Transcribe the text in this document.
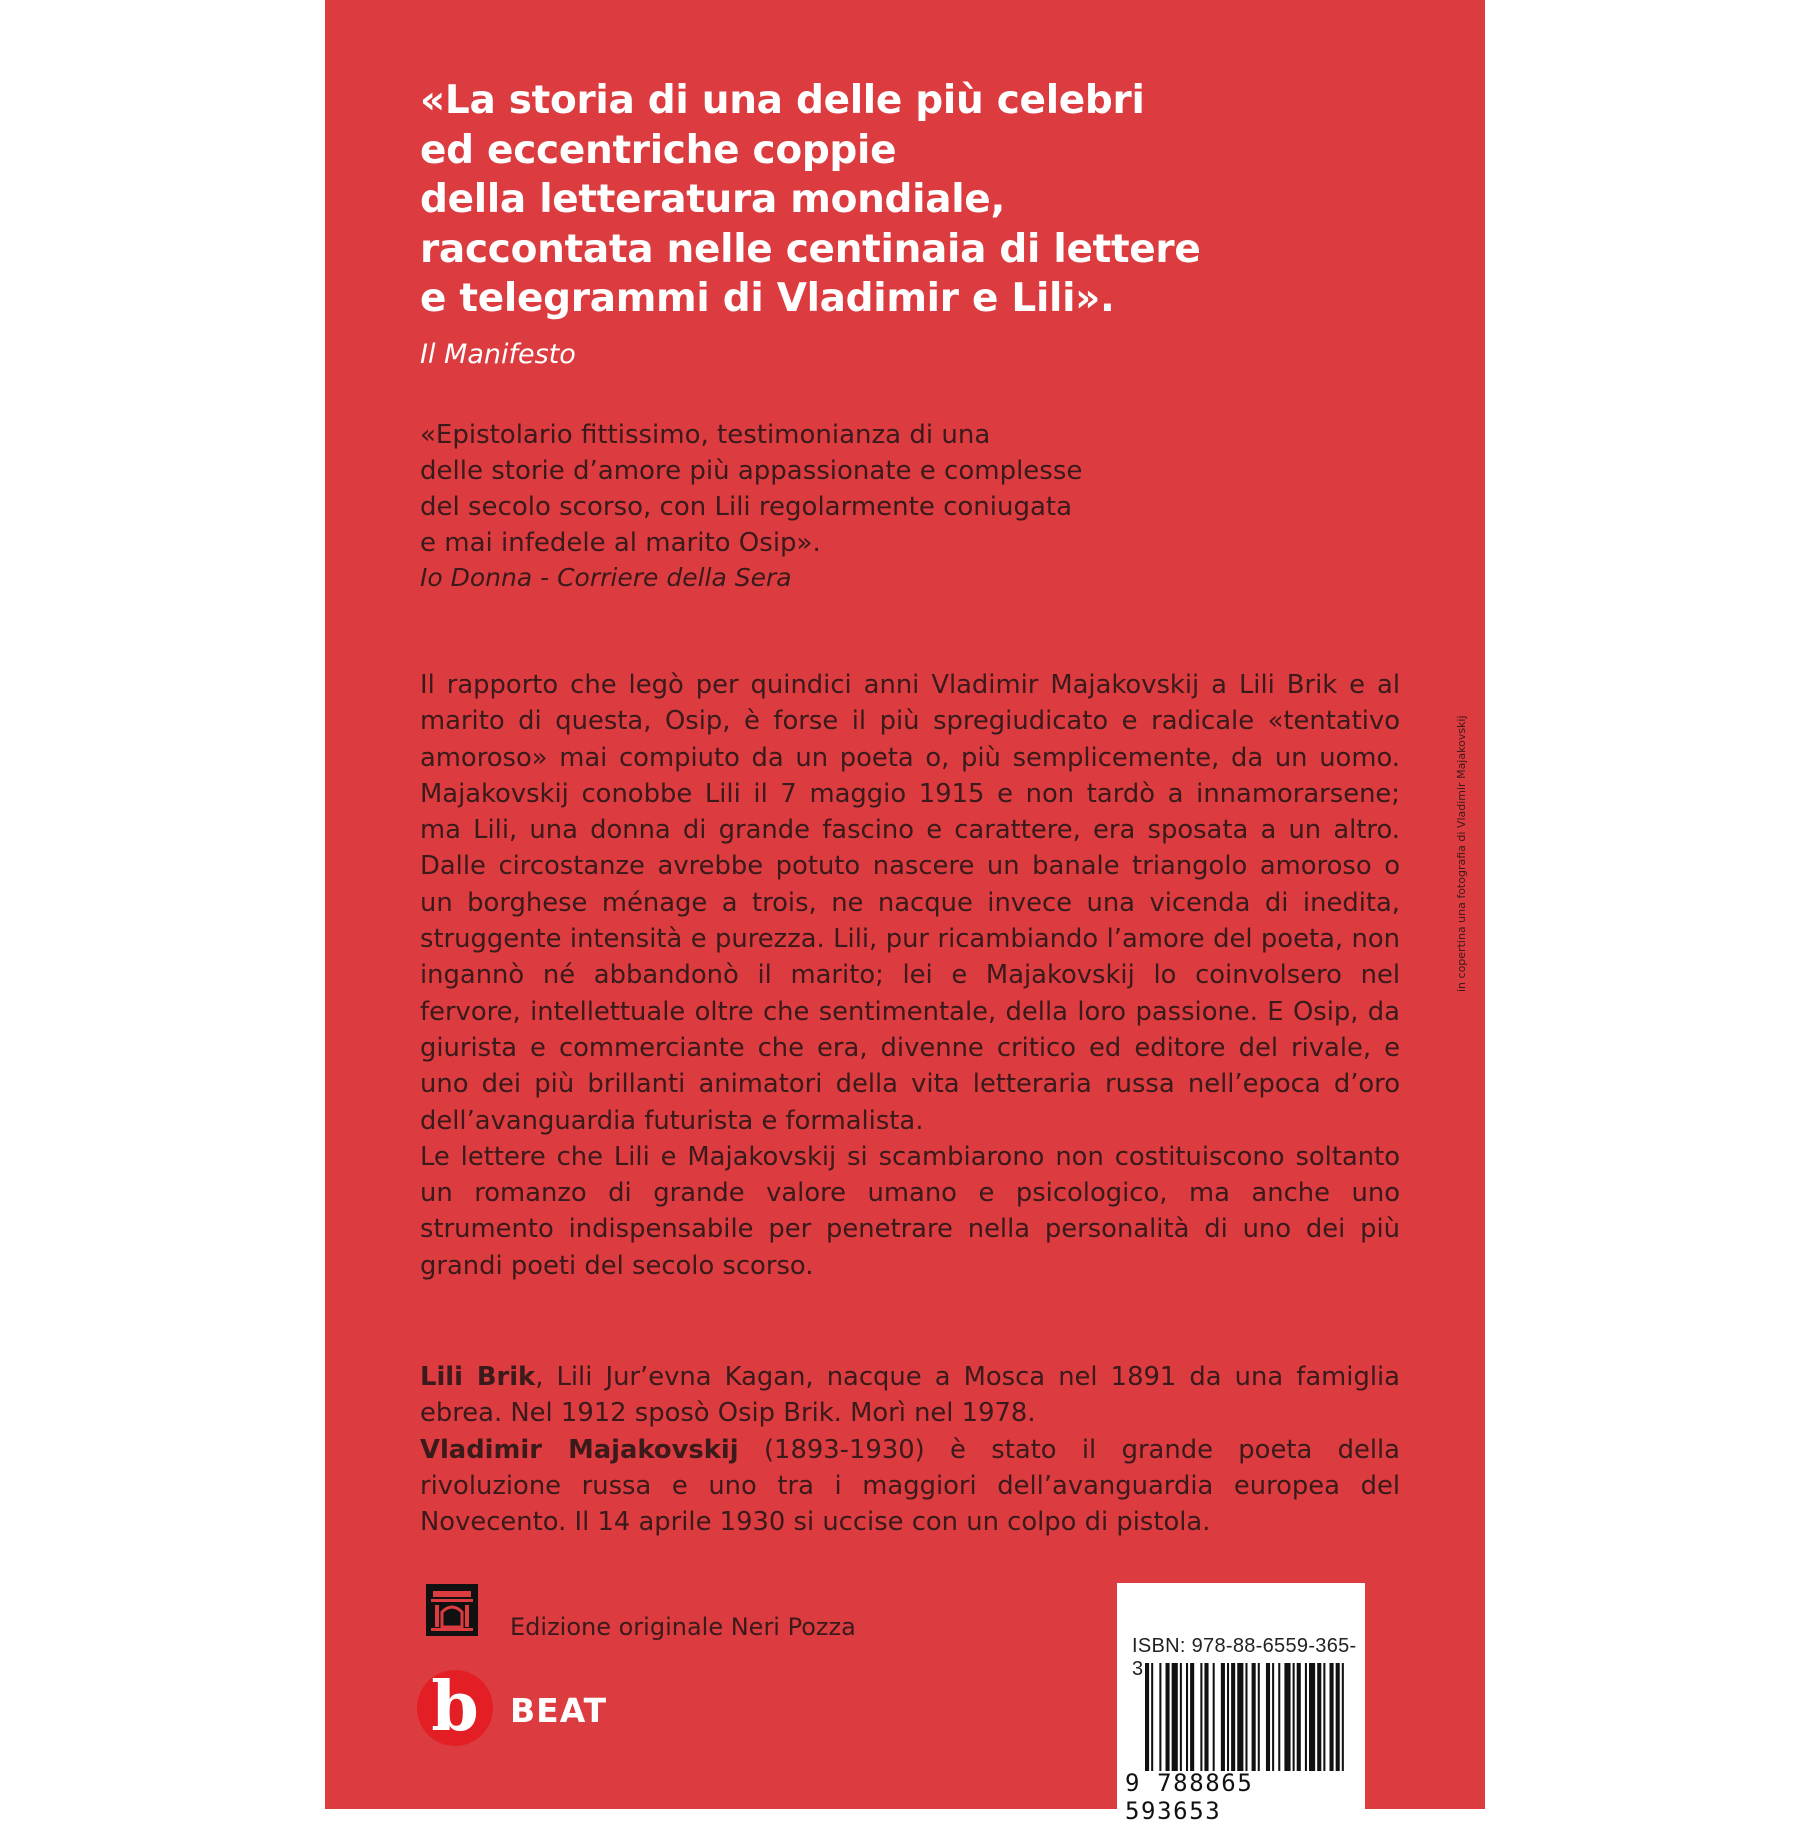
«La storia di una delle più celebri
ed eccentriche coppie
della letteratura mondiale,
raccontata nelle centinaia di lettere
e telegrammi di Vladimir e Lili».
Il Manifesto
«Epistolario fittissimo, testimonianza di una
delle storie d’amore più appassionate e complesse
del secolo scorso, con Lili regolarmente coniugata
e mai infedele al marito Osip».
Io Donna - Corriere della Sera
Il rapporto che legò per quindici anni Vladimir Majakovskij a Lili Brik e al marito di questa, Osip, è forse il più spregiudicato e radicale «tentativo amoroso» mai compiuto da un poeta o, più semplicemente, da un uomo. Majakovskij conobbe Lili il 7 maggio 1915 e non tardò a innamorarsene; ma Lili, una donna di grande fascino e carattere, era sposata a un altro. Dalle circostanze avrebbe potuto nascere un banale triangolo amoroso o un borghese ménage a trois, ne nacque invece una vicenda di inedita, struggente intensità e purezza. Lili, pur ricambiando l’amore del poeta, non ingannò né abbandonò il marito; lei e Majakovskij lo coinvolsero nel fervore, intellettuale oltre che sentimentale, della loro passione. E Osip, da giurista e commerciante che era, divenne critico ed editore del rivale, e uno dei più brillanti animatori della vita letteraria russa nell’epoca d’oro dell’avanguardia futurista e formalista.
Le lettere che Lili e Majakovskij si scambiarono non costituiscono soltanto un romanzo di grande valore umano e psicologico, ma anche uno strumento indispensabile per penetrare nella personalità di uno dei più grandi poeti del secolo scorso.
Lili Brik, Lili Jur’evna Kagan, nacque a Mosca nel 1891 da una famiglia ebrea. Nel 1912 sposò Osip Brik. Morì nel 1978.
Vladimir Majakovskij (1893-1930) è stato il grande poeta della rivoluzione russa e uno tra i maggiori dell’avanguardia europea del Novecento. Il 14 aprile 1930 si uccise con un colpo di pistola.
in copertina una fotografia di Vladimir Majakovskij
Edizione originale Neri Pozza
b BEAT
ISBN: 978-88-6559-365-3
9 788865 593653
